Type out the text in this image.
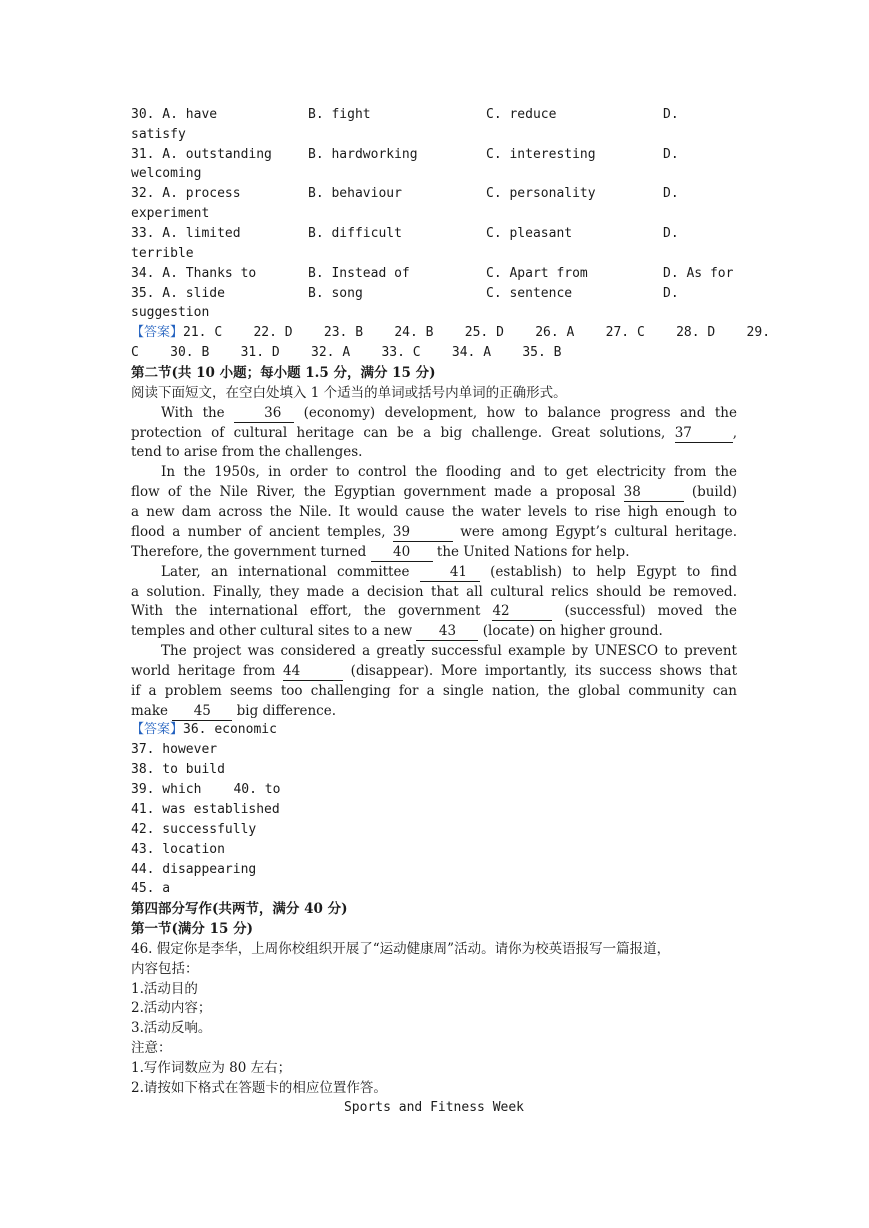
30. A. have	B. fight	C. reduce	D.
satisfy
31. A. outstanding	B. hardworking	C. interesting	D.
welcoming
32. A. process	B. behaviour	C. personality	D.
experiment
33. A. limited	B. difficult	C. pleasant	D.
terrible
34. A. Thanks to	B. Instead of	C. Apart from	D. As for
35. A. slide	B. song	C. sentence	D.
suggestion
【答案】21. C    22. D    23. B    24. B    25. D    26. A    27. C    28. D    29.
C    30. B    31. D    32. A    33. C    34. A    35. B
第二节(共 10 小题；每小题 1.5 分，满分 15 分)
阅读下面短文，在空白处填入 1 个适当的单词或括号内单词的正确形式。
With the 36 (economy) development, how to balance progress and the
protection of cultural heritage can be a big challenge. Great solutions, 37	,
tend to arise from the challenges.
In the 1950s, in order to control the flooding and to get electricity from the
flow of the Nile River, the Egyptian government made a proposal 38	(build)
a new dam across the Nile. It would cause the water levels to rise high enough to
flood a number of ancient temples, 39	were among Egypt’s cultural heritage.
Therefore, the government turned 40 the United Nations for help.
Later, an international committee 41 (establish) to help Egypt to find
a solution. Finally, they made a decision that all cultural relics should be removed.
With the international effort, the government 42	(successful) moved the
temples and other cultural sites to a new 43 (locate) on higher ground.
The project was considered a greatly successful example by UNESCO to prevent
world heritage from 44	(disappear). More importantly, its success shows that
if a problem seems too challenging for a single nation, the global community can
make 45 big difference.
【答案】36. economic
37. however
38. to build
39. which 40. to
41. was established
42. successfully
43. location
44. disappearing
45. a
第四部分写作(共两节，满分 40 分)
第一节(满分 15 分)
46. 假定你是李华，上周你校组织开展了“运动健康周”活动。请你为校英语报写一篇报道，
内容包括：
1.活动目的
2.活动内容；
3.活动反响。
注意：
1.写作词数应为 80 左右；
2.请按如下格式在答题卡的相应位置作答。
Sports and Fitness Week
